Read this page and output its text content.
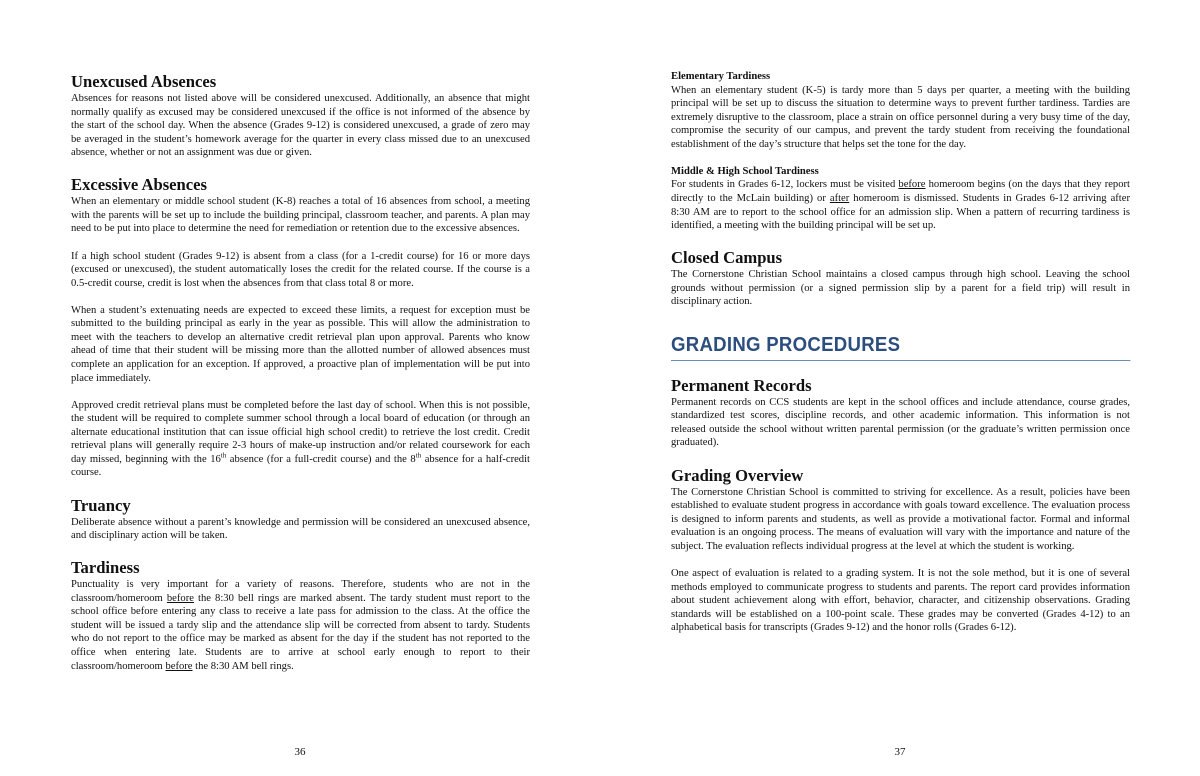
Unexcused Absences

Absences for reasons not listed above will be considered unexcused. Additionally, an absence that might normally qualify as excused may be considered unexcused if the office is not informed of the absence by the start of the school day. When the absence (Grades 9-12) is considered unexcused, a grade of zero may be averaged in the student’s homework average for the quarter in every class missed due to an unexcused absence, whether or not an assignment was due or given.

Excessive Absences

When an elementary or middle school student (K-8) reaches a total of 16 absences from school, a meeting with the parents will be set up to include the building principal, classroom teacher, and parents. A plan may need to be put into place to determine the need for remediation or retention due to the excessive absences.

If a high school student (Grades 9-12) is absent from a class (for a 1-credit course) for 16 or more days (excused or unexcused), the student automatically loses the credit for the related course. If the course is a 0.5-credit course, credit is lost when the absences from that class total 8 or more.

When a student’s extenuating needs are expected to exceed these limits, a request for exception must be submitted to the building principal as early in the year as possible. This will allow the administration to meet with the teachers to develop an alternative credit retrieval plan upon approval. Parents who know ahead of time that their student will be missing more than the allotted number of allowed absences must complete an application for an exception. If approved, a proactive plan of implementation will be put into place immediately.

Approved credit retrieval plans must be completed before the last day of school. When this is not possible, the student will be required to complete summer school through a local board of education (or through an alternate educational institution that can issue official high school credit) to retrieve the lost credit. Credit retrieval plans will generally require 2-3 hours of make-up instruction and/or related coursework for each day missed, beginning with the 16th absence (for a full-credit course) and the 8th absence for a half-credit course.

Truancy

Deliberate absence without a parent’s knowledge and permission will be considered an unexcused absence, and disciplinary action will be taken.

Tardiness

Punctuality is very important for a variety of reasons. Therefore, students who are not in the classroom/homeroom before the 8:30 bell rings are marked absent. The tardy student must report to the school office before entering any class to receive a late pass for admission to the class. At the office the student will be issued a tardy slip and the attendance slip will be corrected from absent to tardy. Students who do not report to the office may be marked as absent for the day if the student has not reported to the office when entering late. Students are to arrive at school early enough to report to their classroom/homeroom before the 8:30 AM bell rings.

36
Elementary Tardiness

When an elementary student (K-5) is tardy more than 5 days per quarter, a meeting with the building principal will be set up to discuss the situation to determine ways to prevent further tardiness. Tardies are extremely disruptive to the classroom, place a strain on office personnel during a very busy time of the day, compromise the security of our campus, and prevent the tardy student from receiving the foundational establishment of the day’s structure that helps set the tone for the day.

Middle & High School Tardiness

For students in Grades 6-12, lockers must be visited before homeroom begins (on the days that they report directly to the McLain building) or after homeroom is dismissed. Students in Grades 6-12 arriving after 8:30 AM are to report to the school office for an admission slip. When a pattern of recurring tardiness is identified, a meeting with the building principal will be set up.

Closed Campus

The Cornerstone Christian School maintains a closed campus through high school. Leaving the school grounds without permission (or a signed permission slip by a parent for a field trip) will result in disciplinary action.

GRADING PROCEDURES
Permanent Records

Permanent records on CCS students are kept in the school offices and include attendance, course grades, standardized test scores, discipline records, and other academic information. This information is not released outside the school without written parental permission (or the graduate’s written permission once graduated).

Grading Overview

The Cornerstone Christian School is committed to striving for excellence. As a result, policies have been established to evaluate student progress in accordance with goals toward excellence. The evaluation process is designed to inform parents and students, as well as provide a motivational factor. Formal and informal evaluation is an ongoing process. The means of evaluation will vary with the importance and nature of the subject. The evaluation reflects individual progress at the level at which the student is working.

One aspect of evaluation is related to a grading system. It is not the sole method, but it is one of several methods employed to communicate progress to students and parents. The report card provides information about student achievement along with effort, behavior, character, and citizenship observations. Grading standards will be established on a 100-point scale. These grades may be converted (Grades 4-12) to an alphabetical basis for transcripts (Grades 9-12) and the honor rolls (Grades 6-12).

37
